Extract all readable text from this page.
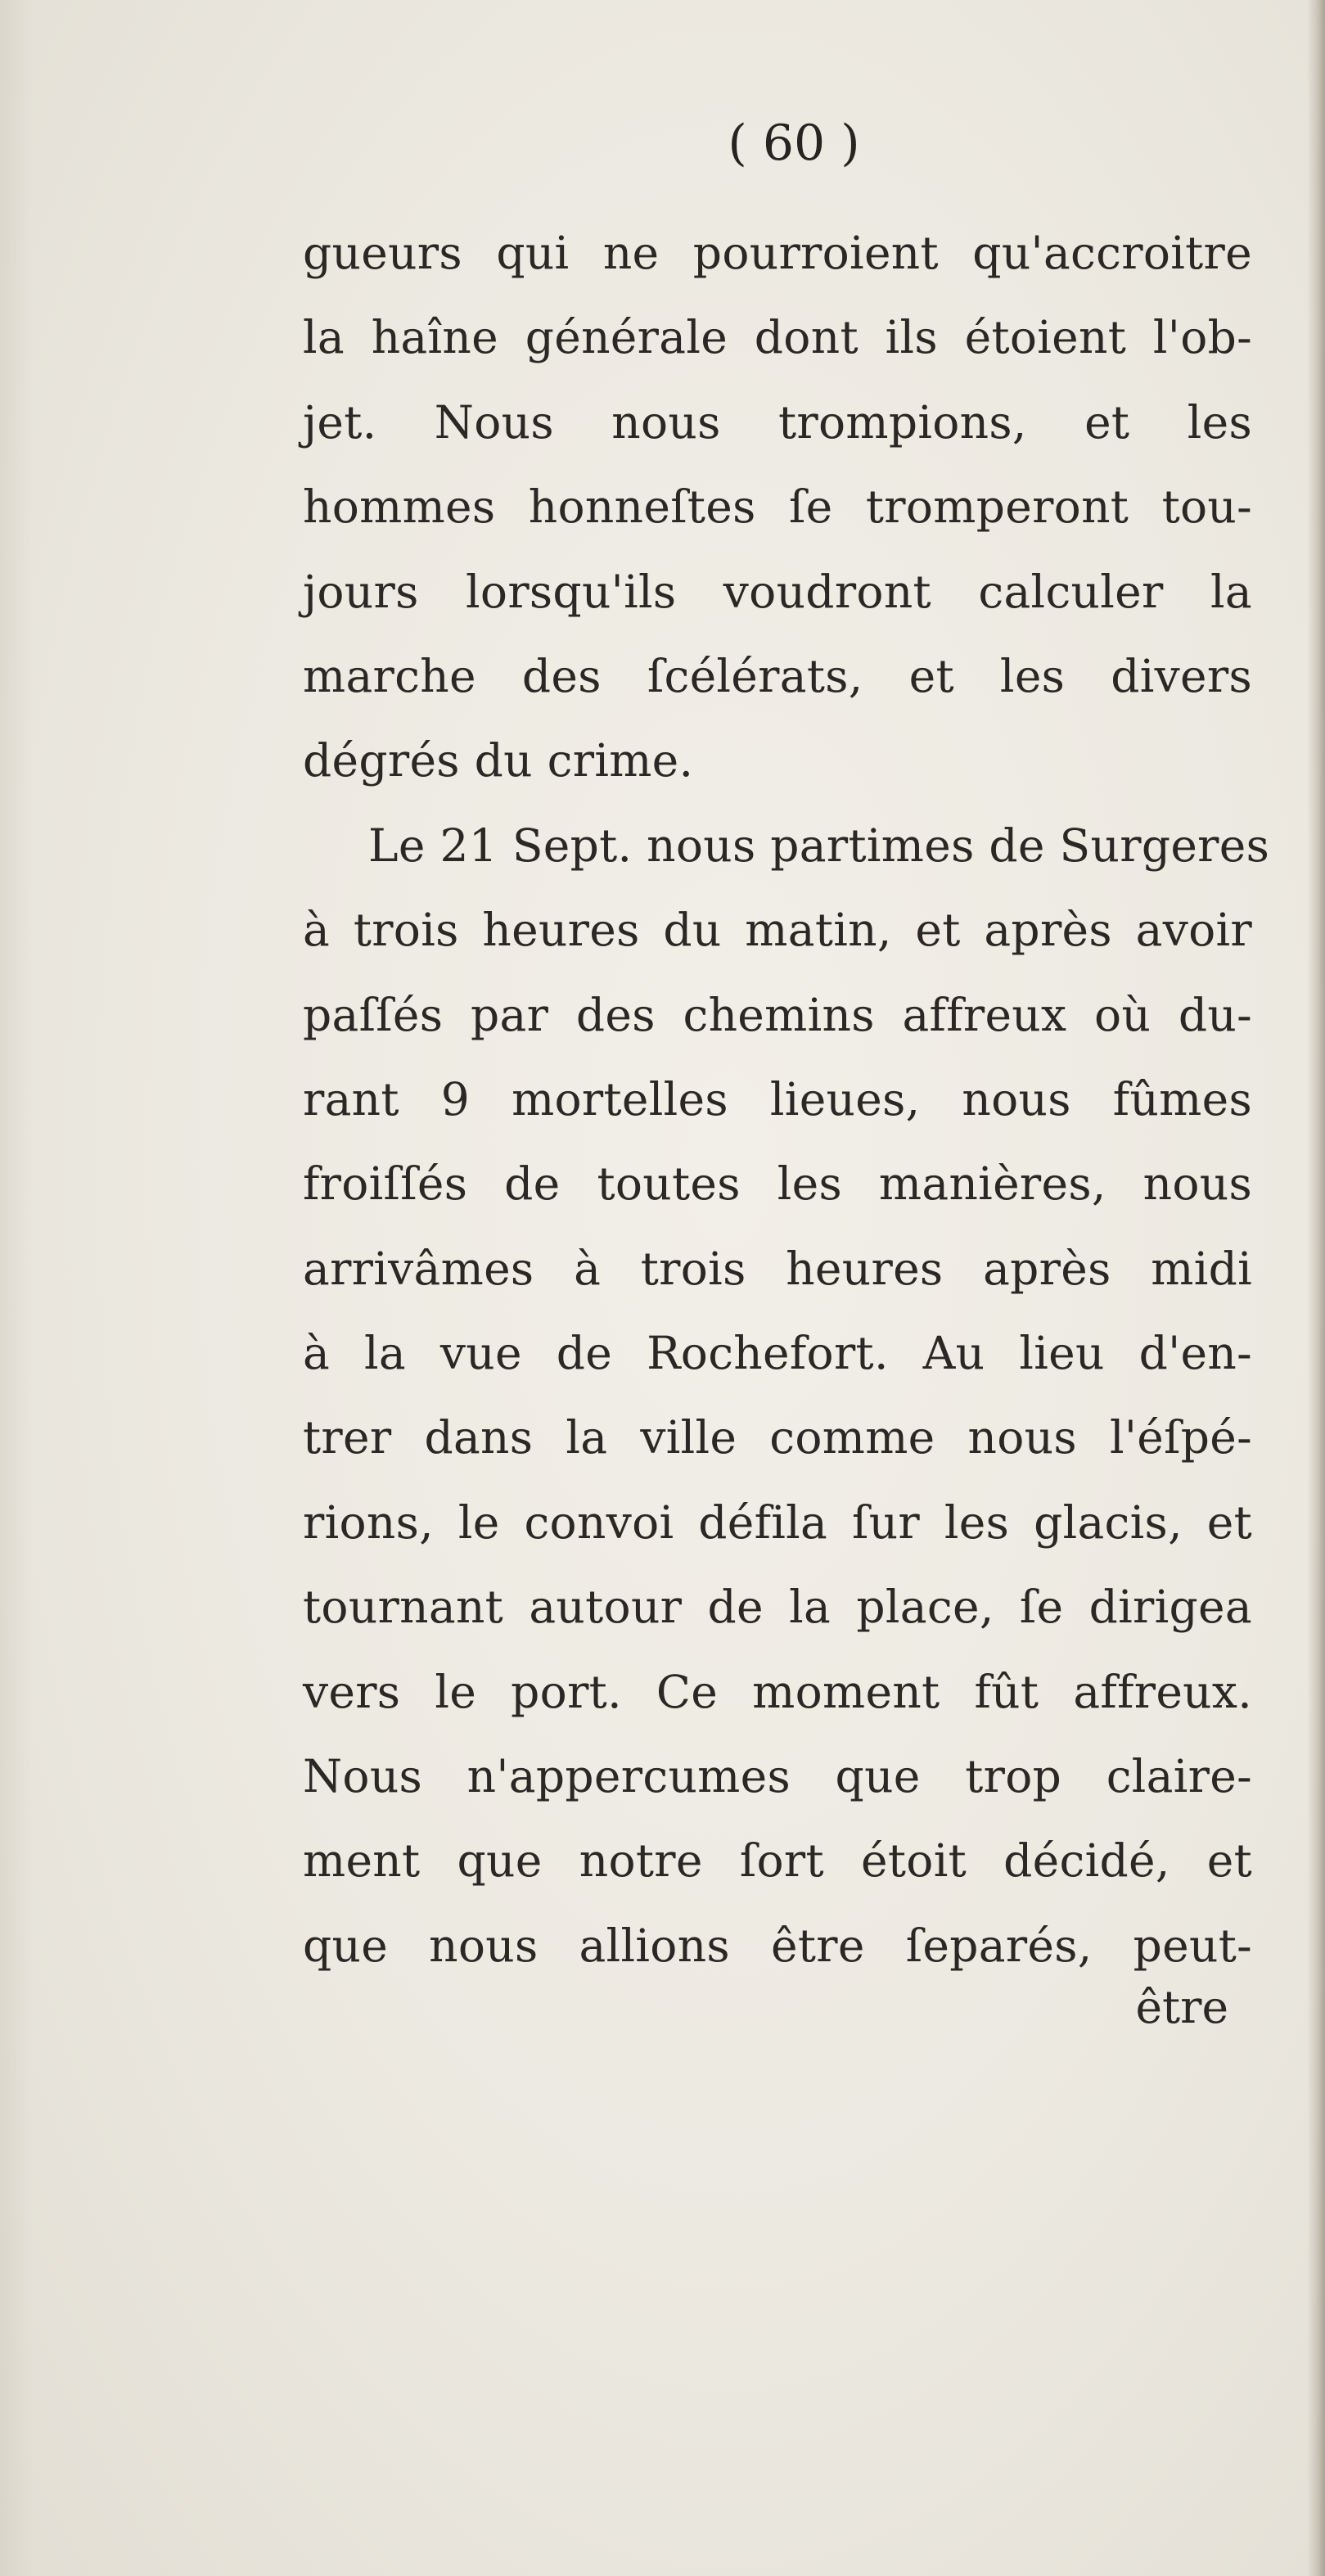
( 60 )
gueurs qui ne pourroient qu'accroitre
la haîne générale dont ils étoient l'ob-
jet. Nous nous trompions, et les
hommes honneſtes ſe tromperont tou-
jours lorsqu'ils voudront calculer la
marche des ſcélérats, et les divers
dégrés du crime.
Le 21 Sept. nous partimes de Surgeres
à trois heures du matin, et après avoir
paſſés par des chemins affreux où du-
rant 9 mortelles lieues, nous fûmes
froiſſés de toutes les manières, nous
arrivâmes à trois heures après midi
à la vue de Rochefort. Au lieu d'en-
trer dans la ville comme nous l'éſpé-
rions, le convoi défila ſur les glacis, et
tournant autour de la place, ſe dirigea
vers le port. Ce moment fût affreux.
Nous n'appercumes que trop claire-
ment que notre ſort étoit décidé, et
que nous allions être ſeparés, peut-
être
